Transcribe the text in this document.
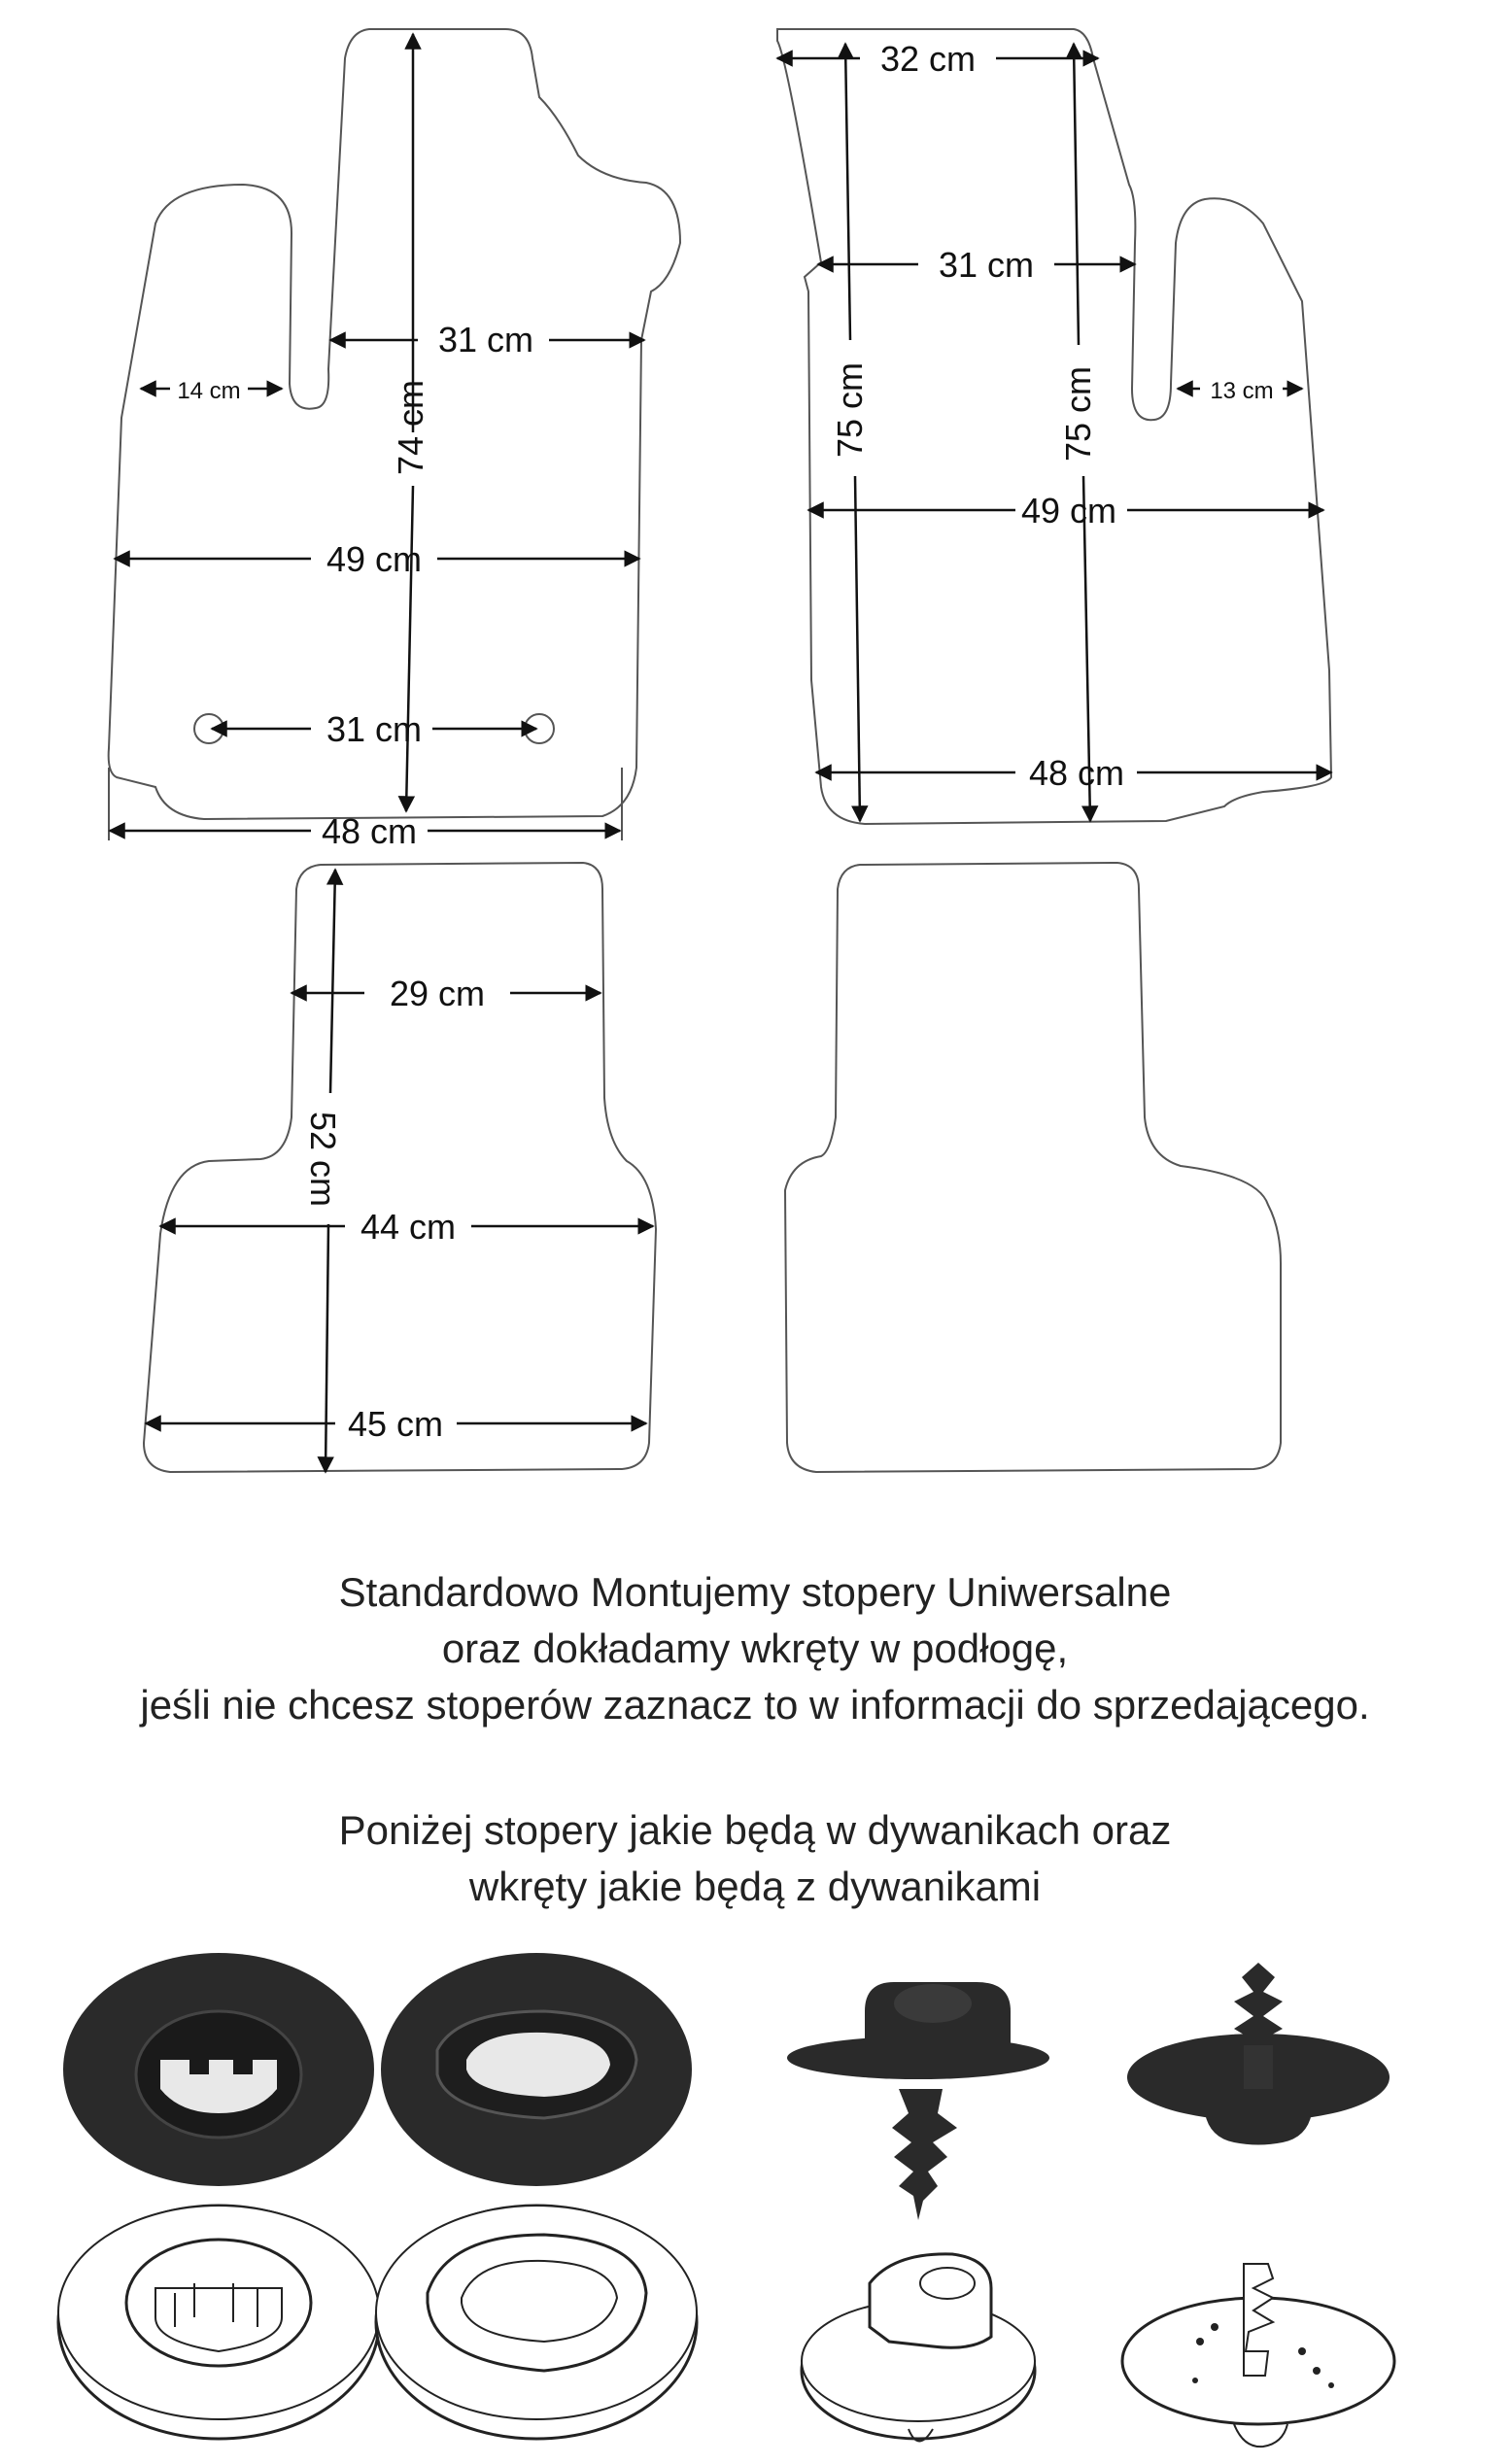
74 cm
31 cm
14 cm
49 cm
31 cm
48 cm
32 cm
31 cm
13 cm
75 cm	75 cm
49 cm
48 cm
29 cm
52 cm
44 cm
45 cm

Standardowo Montujemy stopery Uniwersalne

oraz dokładamy wkręty w podłogę,

jeśli nie chcesz stoperów zaznacz to w informacji do sprzedającego.

Poniżej stopery jakie będą w dywanikach oraz

wkręty jakie będą z dywanikami
